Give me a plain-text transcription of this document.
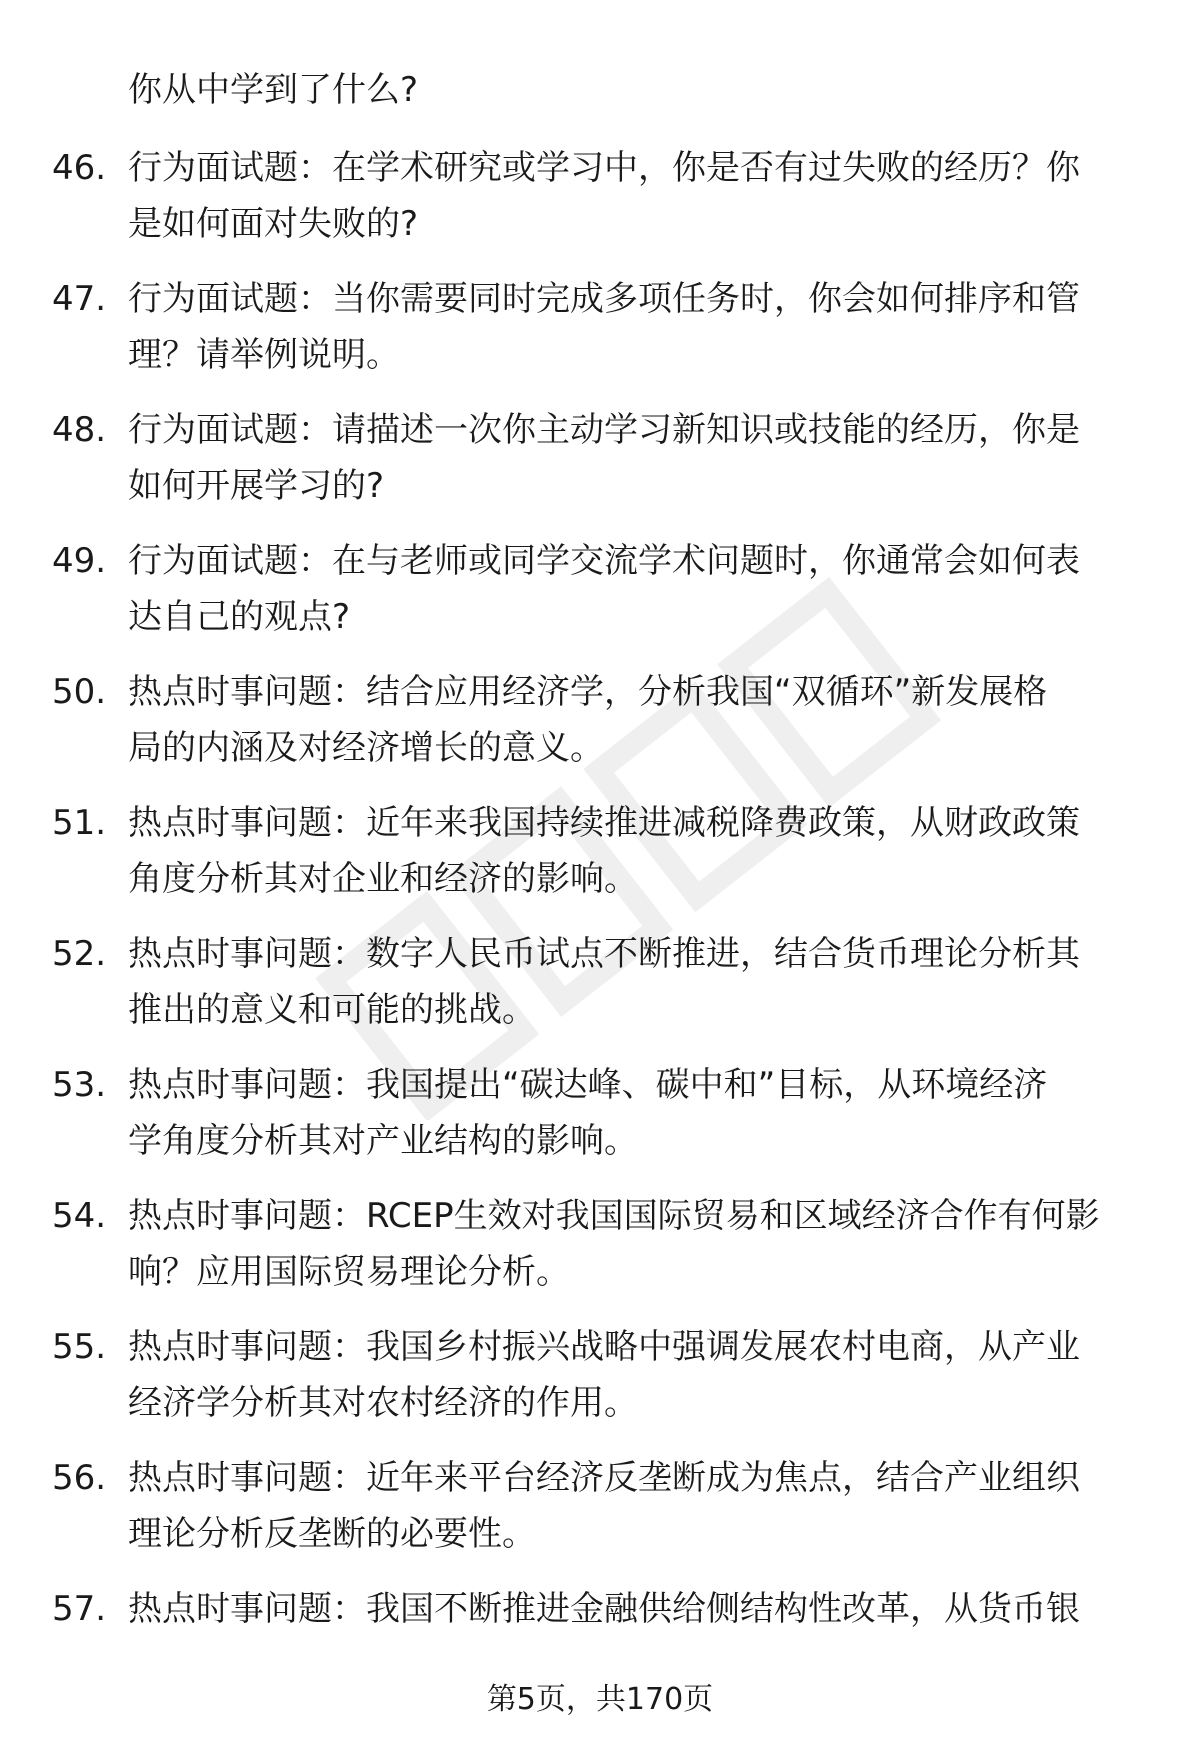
你从中学到了什么?
46. 行为面试题：在学术研究或学习中，你是否有过失败的经历？你
是如何面对失败的?
47. 行为面试题：当你需要同时完成多项任务时，你会如何排序和管
理？请举例说明。
48. 行为面试题：请描述一次你主动学习新知识或技能的经历，你是
如何开展学习的?
49. 行为面试题：在与老师或同学交流学术问题时，你通常会如何表
达自己的观点?
50. 热点时事问题：结合应用经济学，分析我国“双循环”新发展格
局的内涵及对经济增长的意义。
51. 热点时事问题：近年来我国持续推进减税降费政策，从财政政策
角度分析其对企业和经济的影响。
52. 热点时事问题：数字人民币试点不断推进，结合货币理论分析其
推出的意义和可能的挑战。
53. 热点时事问题：我国提出“碳达峰、碳中和”目标，从环境经济
学角度分析其对产业结构的影响。
54. 热点时事问题：RCEP生效对我国国际贸易和区域经济合作有何影
响？应用国际贸易理论分析。
55. 热点时事问题：我国乡村振兴战略中强调发展农村电商，从产业
经济学分析其对农村经济的作用。
56. 热点时事问题：近年来平台经济反垄断成为焦点，结合产业组织
理论分析反垄断的必要性。
57. 热点时事问题：我国不断推进金融供给侧结构性改革，从货币银
第5页，共170页
